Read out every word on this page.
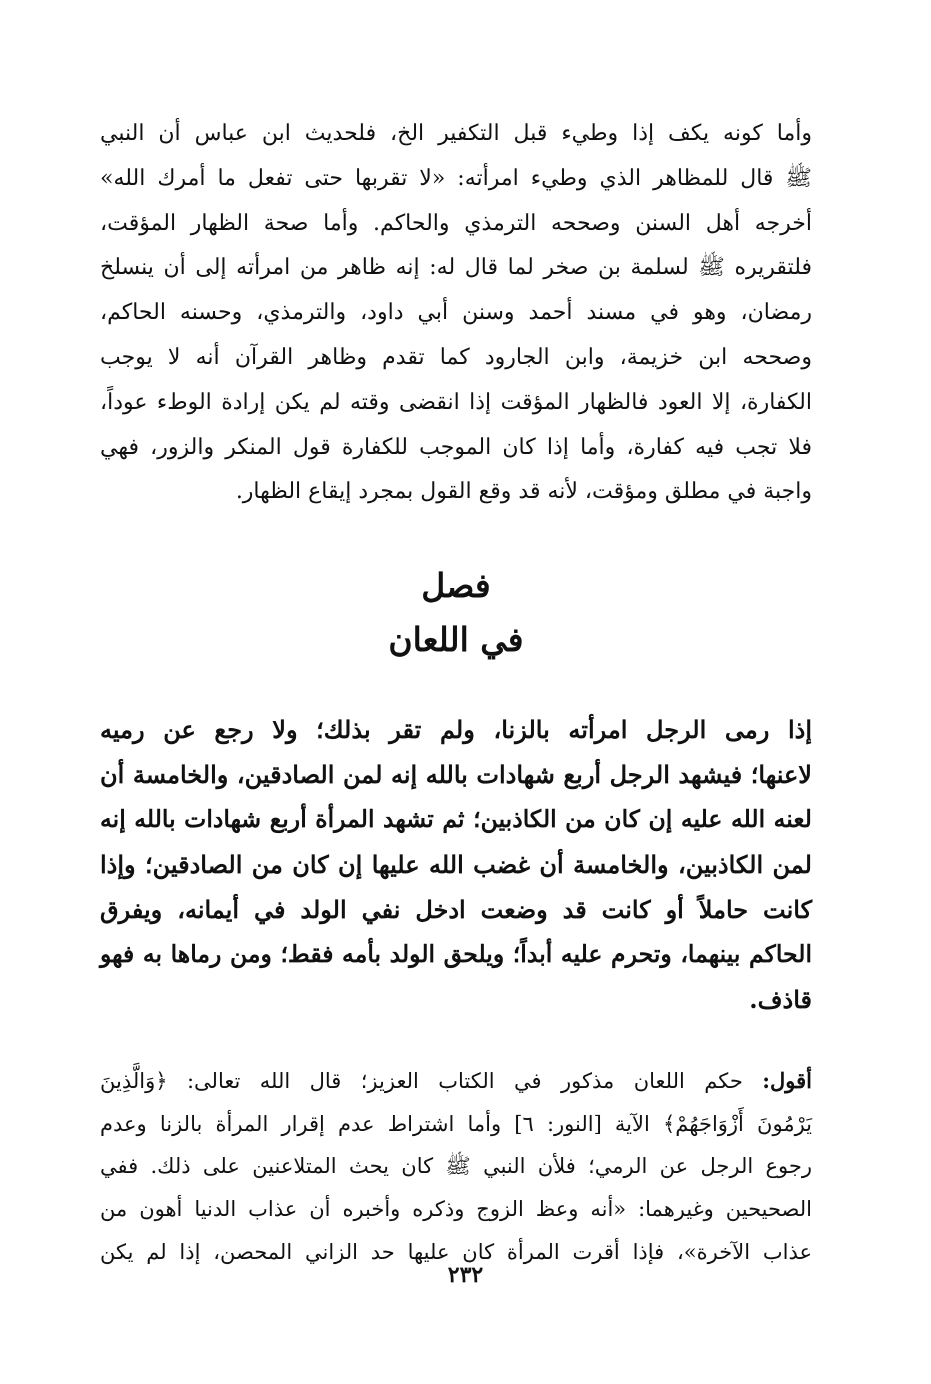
وأما كونه يكف إذا وطيء قبل التكفير الخ، فلحديث ابن عباس أن النبي
ﷺ قال للمظاهر الذي وطيء امرأته: «لا تقربها حتى تفعل ما أمرك الله»
أخرجه أهل السنن وصححه الترمذي والحاكم. وأما صحة الظهار المؤقت،
فلتقريره ﷺ لسلمة بن صخر لما قال له: إنه ظاهر من امرأته إلى أن ينسلخ
رمضان، وهو في مسند أحمد وسنن أبي داود، والترمذي، وحسنه الحاكم،
وصححه ابن خزيمة، وابن الجارود كما تقدم وظاهر القرآن أنه لا يوجب
الكفارة، إلا العود فالظهار المؤقت إذا انقضى وقته لم يكن إرادة الوطء عوداً،
فلا تجب فيه كفارة، وأما إذا كان الموجب للكفارة قول المنكر والزور، فهي
واجبة في مطلق ومؤقت، لأنه قد وقع القول بمجرد إيقاع الظهار.
فصل
في اللعان
إذا رمى الرجل امرأته بالزنا، ولم تقر بذلك؛ ولا رجع عن رميه
لاعنها؛ فيشهد الرجل أربع شهادات بالله إنه لمن الصادقين، والخامسة أن
لعنه الله عليه إن كان من الكاذبين؛ ثم تشهد المرأة أربع شهادات بالله إنه
لمن الكاذبين، والخامسة أن غضب الله عليها إن كان من الصادقين؛ وإذا
كانت حاملاً أو كانت قد وضعت ادخل نفي الولد في أيمانه، ويفرق
الحاكم بينهما، وتحرم عليه أبداً؛ ويلحق الولد بأمه فقط؛ ومن رماها به فهو
قاذف.
أقول: حكم اللعان مذكور في الكتاب العزيز؛ قال الله تعالى: ﴿وَالَّذِينَ
يَرْمُونَ أَزْوَاجَهُمْ﴾ الآية [النور: ٦] وأما اشتراط عدم إقرار المرأة بالزنا وعدم
رجوع الرجل عن الرمي؛ فلأن النبي ﷺ كان يحث المتلاعنين على ذلك. ففي
الصحيحين وغيرهما: «أنه وعظ الزوج وذكره وأخبره أن عذاب الدنيا أهون من
عذاب الآخرة»، فإذا أقرت المرأة كان عليها حد الزاني المحصن، إذا لم يكن
٢٣٢
